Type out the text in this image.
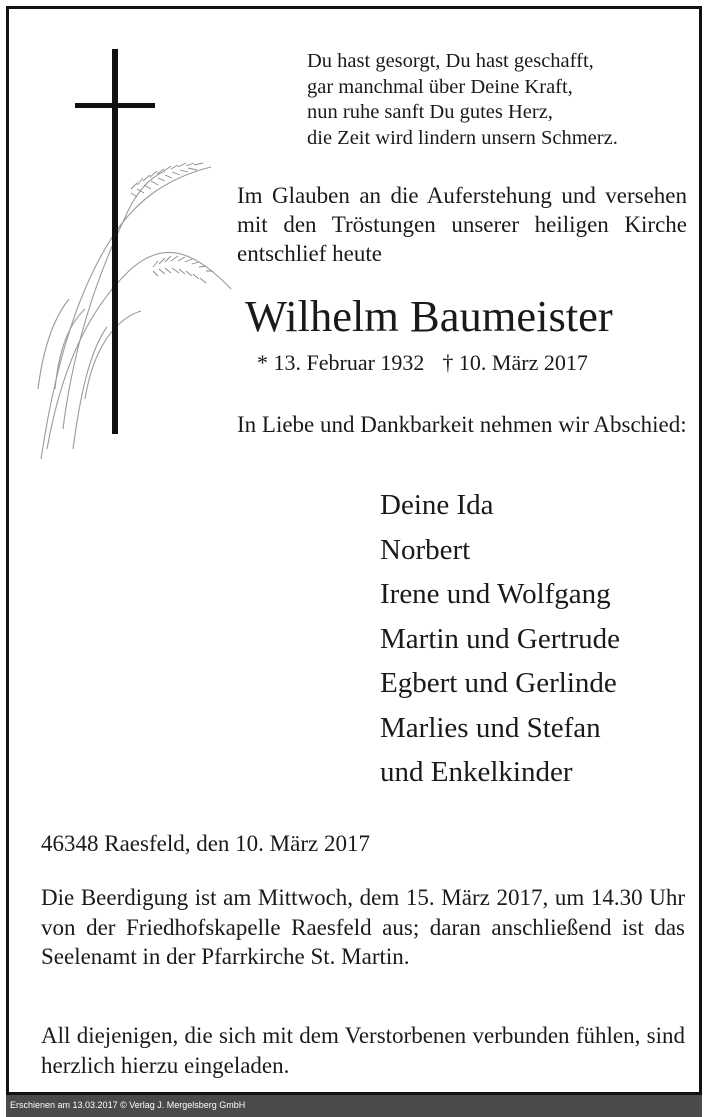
Du hast gesorgt, Du hast geschafft,
gar manchmal über Deine Kraft,
nun ruhe sanft Du gutes Herz,
die Zeit wird lindern unsern Schmerz.
Im Glauben an die Auferstehung und versehen mit den Tröstungen unserer heiligen Kirche entschlief heute
Wilhelm Baumeister
* 13. Februar 1932 † 10. März 2017
In Liebe und Dankbarkeit nehmen wir Abschied:
Deine Ida
Norbert
Irene und Wolfgang
Martin und Gertrude
Egbert und Gerlinde
Marlies und Stefan
und Enkelkinder
46348 Raesfeld, den 10. März 2017
Die Beerdigung ist am Mittwoch, dem 15. März 2017, um 14.30 Uhr von der Friedhofskapelle Raesfeld aus; daran anschließend ist das Seelenamt in der Pfarrkirche St. Martin.
All diejenigen, die sich mit dem Verstorbenen verbunden fühlen, sind herzlich hierzu eingeladen.
Erschienen am 13.03.2017 © Verlag J. Mergelsberg GmbH
